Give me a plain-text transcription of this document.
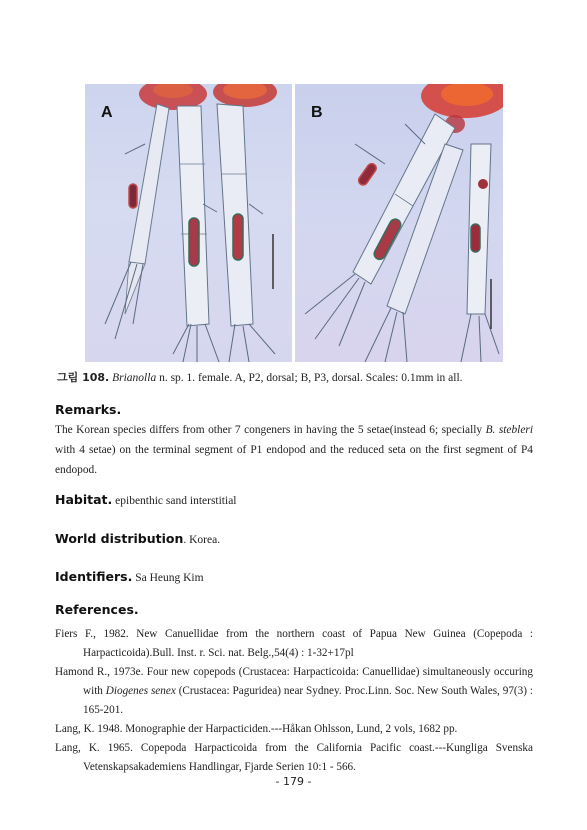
A	B
그림 108. Brianolla n. sp. 1. female. A, P2, dorsal; B, P3, dorsal. Scales: 0.1mm in all.
Remarks.
The Korean species differs from other 7 congeners in having the 5 setae(instead 6; specially B. stebleri with 4 setae) on the terminal segment of P1 endopod and the reduced seta on the first segment of P4 endopod.
Habitat. epibenthic sand interstitial
World distribution. Korea.
Identifiers. Sa Heung Kim
References.

Fiers F., 1982. New Canuellidae from the northern coast of Papua New Guinea (Copepoda : Harpacticoida).Bull. Inst. r. Sci. nat. Belg.,54(4) : 1-32+17pl

Hamond R., 1973e. Four new copepods (Crustacea: Harpacticoida: Canuellidae) simultaneously occuring with Diogenes senex (Crustacea: Paguridea) near Sydney. Proc.Linn. Soc. New South Wales, 97(3) : 165-201.

Lang, K. 1948. Monographie der Harpacticiden.---Håkan Ohlsson, Lund, 2 vols, 1682 pp.

Lang, K. 1965. Copepoda Harpacticoida from the California Pacific coast.---Kungliga Svenska Vetenskapsakademiens Handlingar, Fjarde Serien 10:1 - 566.

- 179 -
